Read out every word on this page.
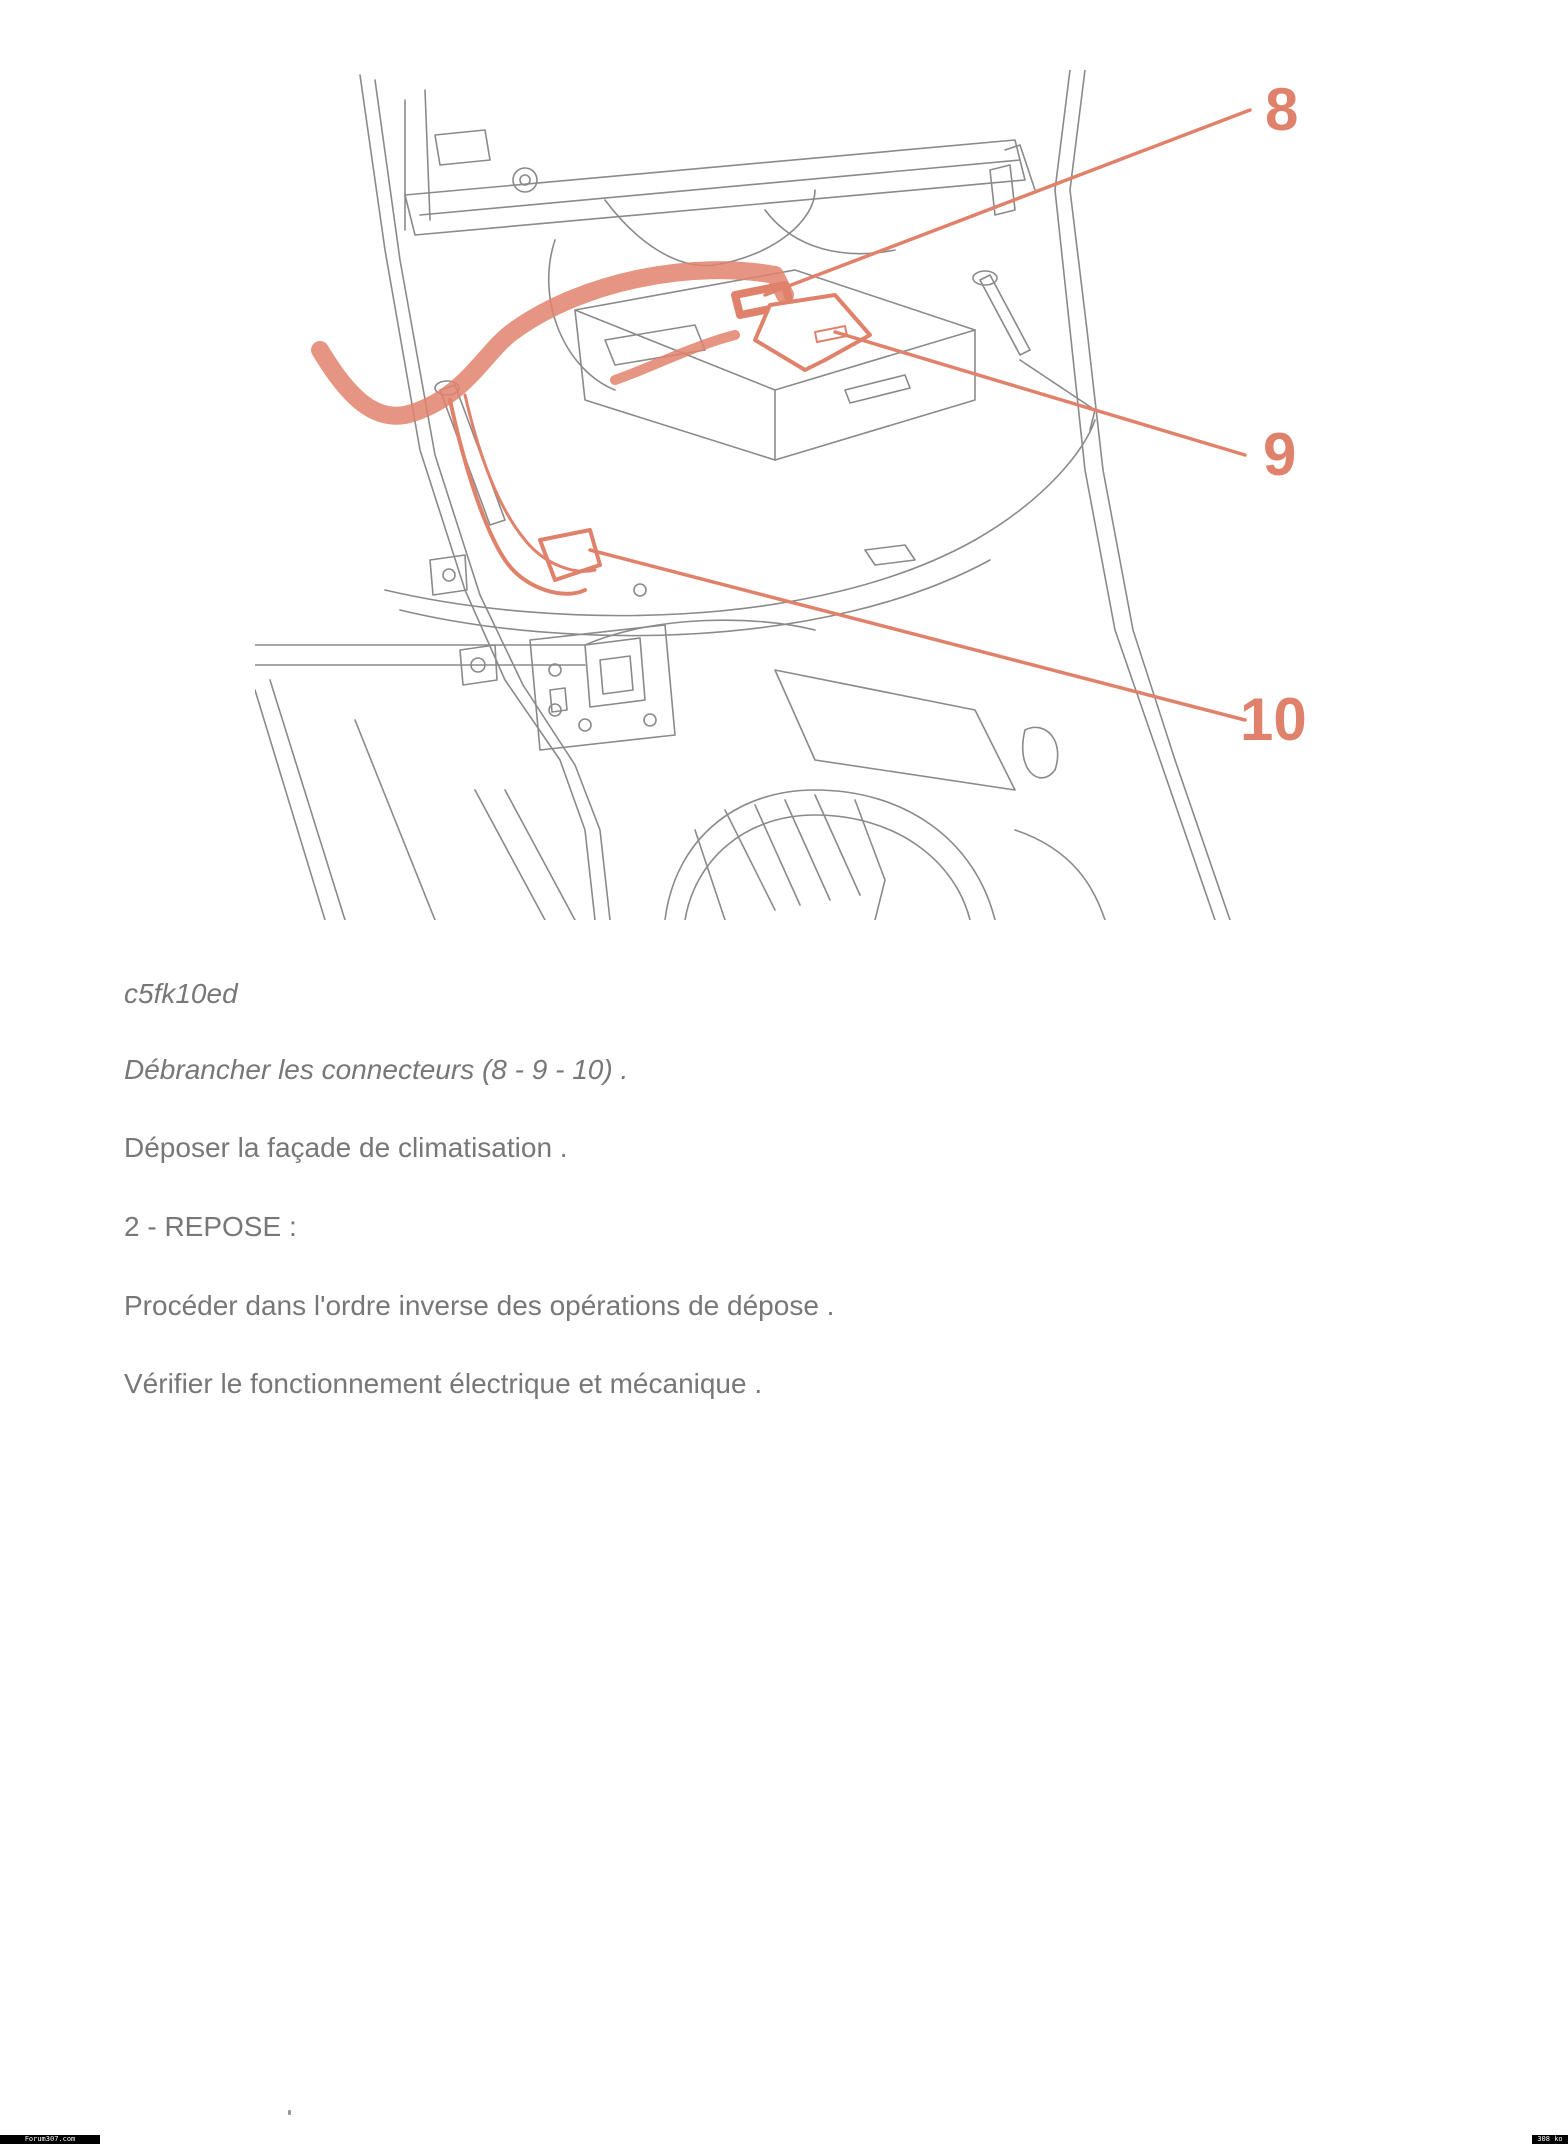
8
9
10
c5fk10ed
Débrancher les connecteurs (8 - 9 - 10) .
Déposer la façade de climatisation .
2 - REPOSE :
Procéder dans l'ordre inverse des opérations de dépose .
Vérifier le fonctionnement électrique et mécanique .
Forum307.com	308 ko
